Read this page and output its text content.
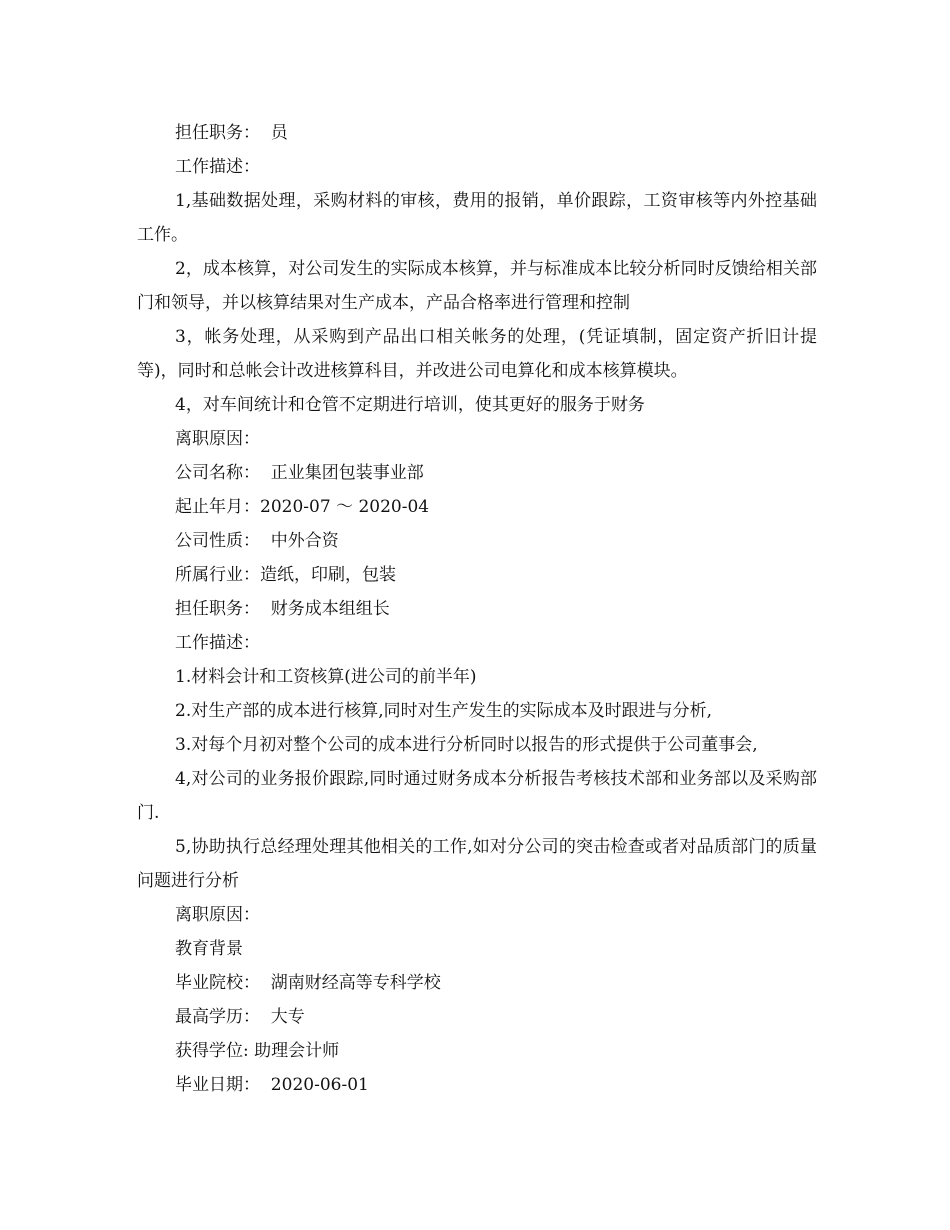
担任职务：  员

工作描述：

1,基础数据处理，采购材料的审核，费用的报销，单价跟踪，工资审核等内外控基础工作。

2，成本核算，对公司发生的实际成本核算，并与标准成本比较分析同时反馈给相关部门和领导，并以核算结果对生产成本，产品合格率进行管理和控制

3，帐务处理，从采购到产品出口相关帐务的处理，(凭证填制，固定资产折旧计提等)，同时和总帐会计改进核算科目，并改进公司电算化和成本核算模块。

4，对车间统计和仓管不定期进行培训，使其更好的服务于财务

离职原因：

公司名称：  正业集团包装事业部

起止年月：2020-07 ～ 2020-04

公司性质：  中外合资

所属行业：造纸，印刷，包装

担任职务：  财务成本组组长

工作描述：

1.材料会计和工资核算(进公司的前半年)

2.对生产部的成本进行核算,同时对生产发生的实际成本及时跟进与分析,

3.对每个月初对整个公司的成本进行分析同时以报告的形式提供于公司董事会,

4,对公司的业务报价跟踪,同时通过财务成本分析报告考核技术部和业务部以及采购部门.

5,协助执行总经理处理其他相关的工作,如对分公司的突击检查或者对品质部门的质量问题进行分析

离职原因：

教育背景

毕业院校：  湖南财经高等专科学校

最高学历：  大专

获得学位: 助理会计师

毕业日期：  2020-06-01
